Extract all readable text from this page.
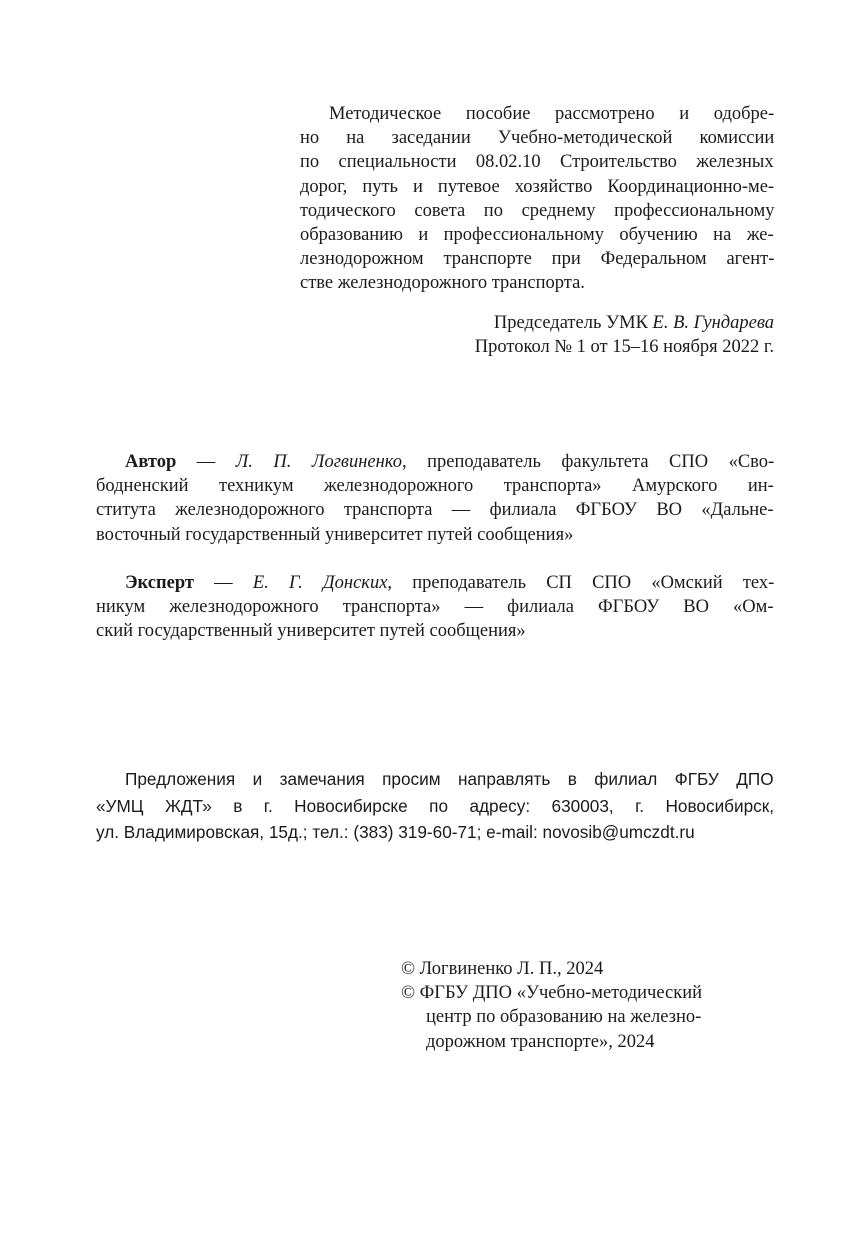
Методическое пособие рассмотрено и одобре-
но на заседании Учебно-методической комиссии
по специальности 08.02.10 Строительство железных
дорог, путь и путевое хозяйство Координационно-ме-
тодического совета по среднему профессиональному
образованию и профессиональному обучению на же-
лезнодорожном транспорте при Федеральном агент-
стве железнодорожного транспорта.
Председатель УМК Е. В. Гундарева
Протокол № 1 от 15–16 ноября 2022 г.
Автор — Л. П. Логвиненко, преподаватель факультета СПО «Сво-
бодненский техникум железнодорожного транспорта» Амурского ин-
ститута железнодорожного транспорта — филиала ФГБОУ ВО «Дальне-
восточный государственный университет путей сообщения»
Эксперт — Е. Г. Донских, преподаватель СП СПО «Омский тех-
никум железнодорожного транспорта» — филиала ФГБОУ ВО «Ом-
ский государственный университет путей сообщения»
Предложения и замечания просим направлять в филиал ФГБУ ДПО
«УМЦ ЖДТ» в г. Новосибирске по адресу: 630003, г. Новосибирск,
ул. Владимировская, 15д.; тел.: (383) 319-60-71; e-mail: novosib@umczdt.ru
© Логвиненко Л. П., 2024
© ФГБУ ДПО «Учебно-методический
центр по образованию на железно-
дорожном транспорте», 2024
